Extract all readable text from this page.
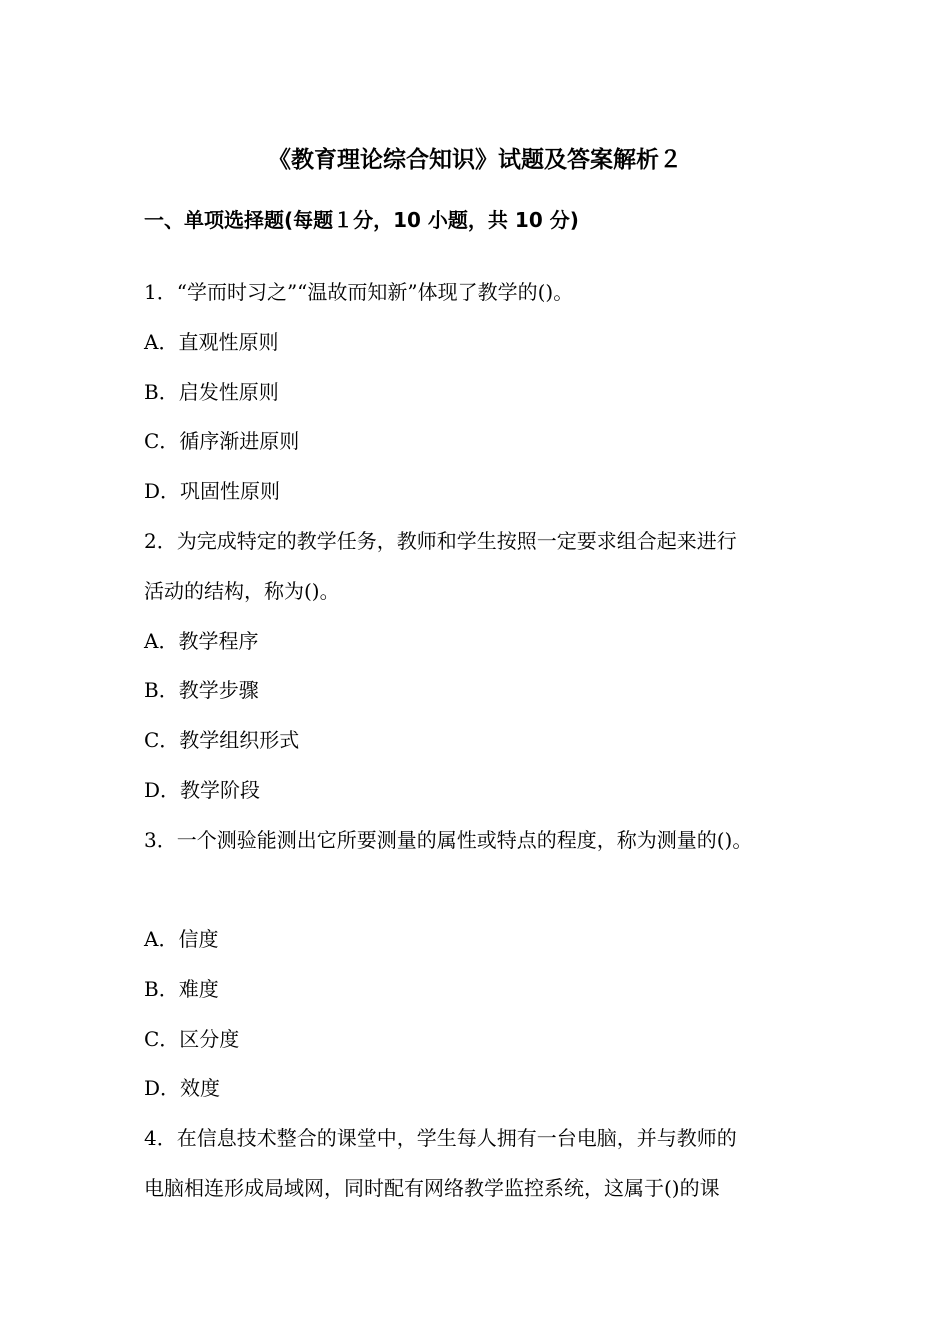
《教育理论综合知识》试题及答案解析２
一、单项选择题(每题１分，10 小题，共 10 分)
1．“学而时习之”“温故而知新”体现了教学的()。
A．直观性原则
B．启发性原则
C．循序渐进原则
D．巩固性原则
2．为完成特定的教学任务，教师和学生按照一定要求组合起来进行
活动的结构，称为()。
A．教学程序
B．教学步骤
C．教学组织形式
D．教学阶段
3．一个测验能测出它所要测量的属性或特点的程度，称为测量的()。
A．信度
B．难度
C．区分度
D．效度
4．在信息技术整合的课堂中，学生每人拥有一台电脑，并与教师的
电脑相连形成局域网，同时配有网络教学监控系统，这属于()的课
